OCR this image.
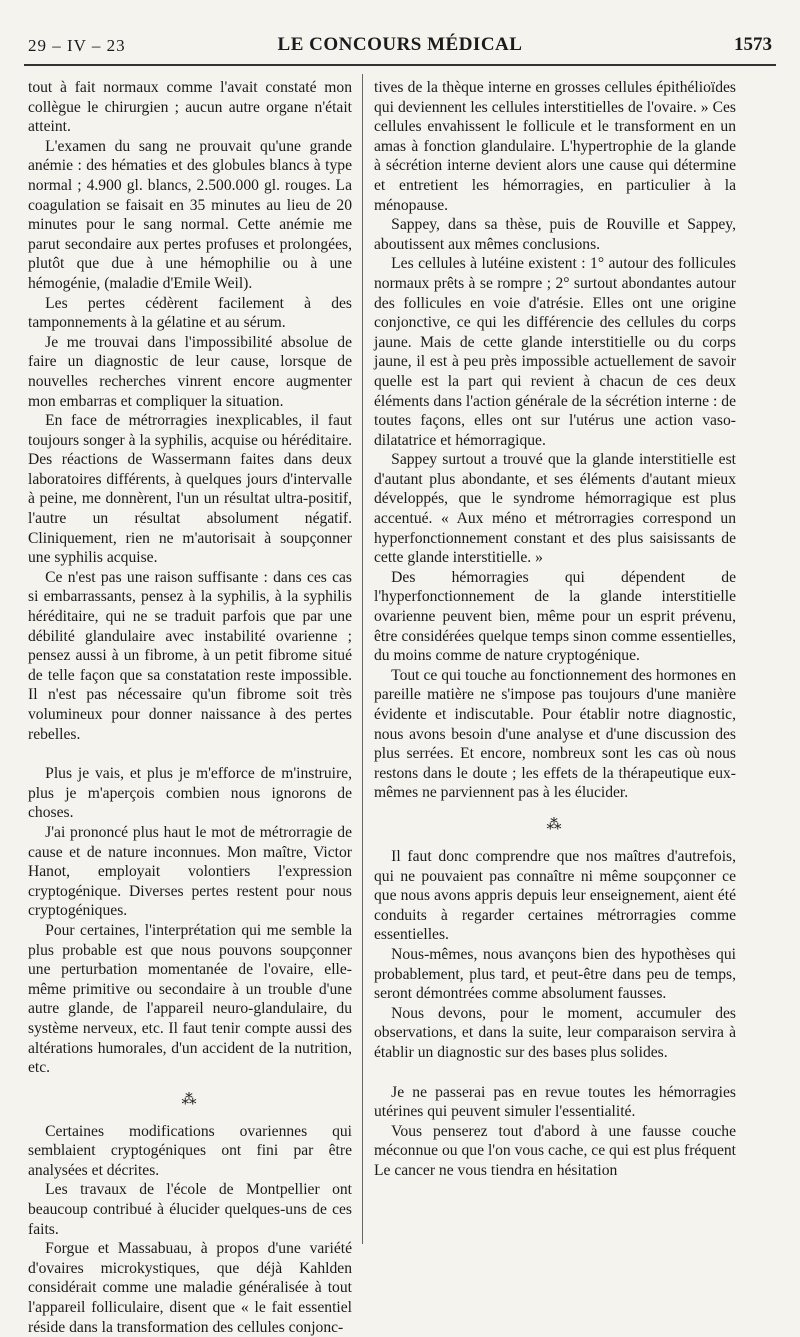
29 – IV – 23	LE CONCOURS MÉDICAL	1573

tout à fait normaux comme l'avait constaté mon collègue le chirurgien ; aucun autre organe n'était atteint.

L'examen du sang ne prouvait qu'une grande anémie : des hématies et des globules blancs à type normal ; 4.900 gl. blancs, 2.500.000 gl. rouges. La coagulation se faisait en 35 minutes au lieu de 20 minutes pour le sang normal. Cette anémie me parut secondaire aux pertes profuses et prolongées, plutôt que due à une hémophilie ou à une hémogénie, (maladie d'Emile Weil).

Les pertes cédèrent facilement à des tamponnements à la gélatine et au sérum.

Je me trouvai dans l'impossibilité absolue de faire un diagnostic de leur cause, lorsque de nouvelles recherches vinrent encore augmenter mon embarras et compliquer la situation.

En face de métrorragies inexplicables, il faut toujours songer à la syphilis, acquise ou héréditaire. Des réactions de Wassermann faites dans deux laboratoires différents, à quelques jours d'intervalle à peine, me donnèrent, l'un un résultat ultra-positif, l'autre un résultat absolument négatif. Cliniquement, rien ne m'autorisait à soupçonner une syphilis acquise.

Ce n'est pas une raison suffisante : dans ces cas si embarrassants, pensez à la syphilis, à la syphilis héréditaire, qui ne se traduit parfois que par une débilité glandulaire avec instabilité ovarienne ; pensez aussi à un fibrome, à un petit fibrome situé de telle façon que sa constatation reste impossible. Il n'est pas nécessaire qu'un fibrome soit très volumineux pour donner naissance à des pertes rebelles.

Plus je vais, et plus je m'efforce de m'instruire, plus je m'aperçois combien nous ignorons de choses.

J'ai prononcé plus haut le mot de métrorragie de cause et de nature inconnues. Mon maître, Victor Hanot, employait volontiers l'expression cryptogénique. Diverses pertes restent pour nous cryptogéniques.

Pour certaines, l'interprétation qui me semble la plus probable est que nous pouvons soupçonner une perturbation momentanée de l'ovaire, elle-même primitive ou secondaire à un trouble d'une autre glande, de l'appareil neuro-glandulaire, du système nerveux, etc. Il faut tenir compte aussi des altérations humorales, d'un accident de la nutrition, etc.

⁂

Certaines modifications ovariennes qui semblaient cryptogéniques ont fini par être analysées et décrites.

Les travaux de l'école de Montpellier ont beaucoup contribué à élucider quelques-uns de ces faits.

Forgue et Massabuau, à propos d'une variété d'ovaires microkystiques, que déjà Kahlden considérait comme une maladie généralisée à tout l'appareil folliculaire, disent que « le fait essentiel réside dans la transformation des cellules conjonc-

tives de la thèque interne en grosses cellules épithélioïdes qui deviennent les cellules interstitielles de l'ovaire. » Ces cellules envahissent le follicule et le transforment en un amas à fonction glandulaire. L'hypertrophie de la glande à sécrétion interne devient alors une cause qui détermine et entretient les hémorragies, en particulier à la ménopause.

Sappey, dans sa thèse, puis de Rouville et Sappey, aboutissent aux mêmes conclusions.

Les cellules à lutéine existent : 1° autour des follicules normaux prêts à se rompre ; 2° surtout abondantes autour des follicules en voie d'atrésie. Elles ont une origine conjonctive, ce qui les différencie des cellules du corps jaune. Mais de cette glande interstitielle ou du corps jaune, il est à peu près impossible actuellement de savoir quelle est la part qui revient à chacun de ces deux éléments dans l'action générale de la sécrétion interne : de toutes façons, elles ont sur l'utérus une action vaso-dilatatrice et hémorragique.

Sappey surtout a trouvé que la glande interstitielle est d'autant plus abondante, et ses éléments d'autant mieux développés, que le syndrome hémorragique est plus accentué. « Aux méno et métrorragies correspond un hyperfonctionnement constant et des plus saisissants de cette glande interstitielle. »

Des hémorragies qui dépendent de l'hyperfonctionnement de la glande interstitielle ovarienne peuvent bien, même pour un esprit prévenu, être considérées quelque temps sinon comme essentielles, du moins comme de nature cryptogénique.

Tout ce qui touche au fonctionnement des hormones en pareille matière ne s'impose pas toujours d'une manière évidente et indiscutable. Pour établir notre diagnostic, nous avons besoin d'une analyse et d'une discussion des plus serrées. Et encore, nombreux sont les cas où nous restons dans le doute ; les effets de la thérapeutique eux-mêmes ne parviennent pas à les élucider.

⁂

Il faut donc comprendre que nos maîtres d'autrefois, qui ne pouvaient pas connaître ni même soupçonner ce que nous avons appris depuis leur enseignement, aient été conduits à regarder certaines métrorragies comme essentielles.

Nous-mêmes, nous avançons bien des hypothèses qui probablement, plus tard, et peut-être dans peu de temps, seront démontrées comme absolument fausses.

Nous devons, pour le moment, accumuler des observations, et dans la suite, leur comparaison servira à établir un diagnostic sur des bases plus solides.

Je ne passerai pas en revue toutes les hémorragies utérines qui peuvent simuler l'essentialité.

Vous penserez tout d'abord à une fausse couche méconnue ou que l'on vous cache, ce qui est plus fréquent Le cancer ne vous tiendra en hésitation
